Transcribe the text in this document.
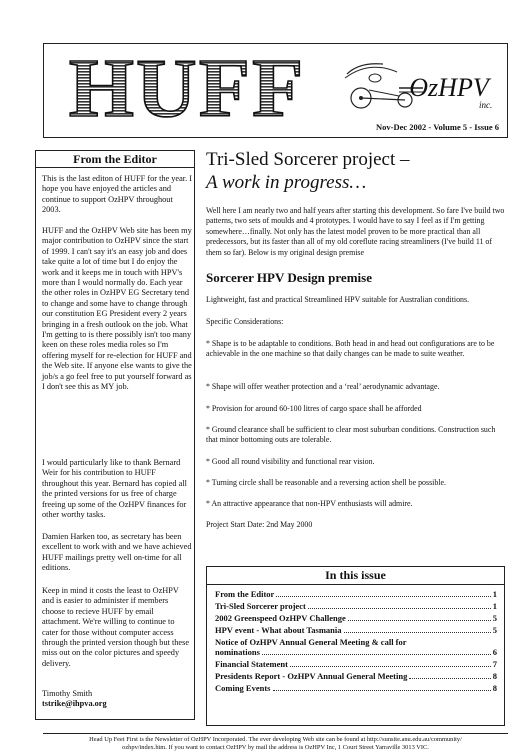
HUFF	OzHPV
inc.
Nov-Dec 2002 - Volume 5 - Issue 6
From the Editor

This is the last editon of HUFF for the year. I hope you have enjoyed the articles and continue to support OzHPV throughout 2003.

HUFF and the OzHPV Web site has been my major contribution to OzHPV since the start of 1999. I can't say it's an easy job and does take quite a lot of time but I do enjoy the work and it keeps me in touch with HPV's more than I would normally do. Each year the other roles in OzHPV EG Secretary tend to change and some have to change through our constitution EG President every 2 years bringing in a fresh outlook on the job. What I'm getting to is there possibly isn't too many keen on these roles media roles so I'm offering myself for re-election for HUFF and the Web site. If anyone else wants to give the job/s a go feel free to put yourself forward as I don't see this as MY job.

I would particularly like to thank Bernard Weir for his contribution to HUFF throughout this year. Bernard has copied all the printed versions for us free of charge freeing up some of the OzHPV finances for other worthy tasks.

Damien Harken too, as secretary has been excellent to work with and we have achieved HUFF mailings pretty well on-time for all editions.

Keep in mind it costs the least to OzHPV and is easier to administer if members choose to recieve HUFF by email attachment. We're willing to continue to cater for those without computer access through the printed version though but these miss out on the color pictures and speedy delivery.

Timothy Smith

tstrike@ihpva.org

Tri-Sled Sorcerer project –
A work in progress…

Well here I am nearly two and half years after starting this development. So fare I've build two patterns, two sets of moulds and 4 prototypes. I would have to say I feel as if I'm getting somewhere…finally. Not only has the latest model proven to be more practical than all predecessors, but its faster than all of my old coreflute racing streamliners (I've build 11 of them so far). Below is my original design premise

Sorcerer HPV Design premise

Lightweight, fast and practical Streamlined HPV suitable for Australian conditions.

Specific Considerations:

* Shape is to be adaptable to conditions. Both head in and head out configurations are to be achievable in the one machine so that daily changes can be made to suite weather.

* Shape will offer weather protection and a ‘real’ aerodynamic advantage.

* Provision for around 60-100 litres of cargo space shall be afforded

* Ground clearance shall be sufficient to clear most suburban conditions. Construction such that minor bottoming outs are tolerable.

* Good all round visibility and functional rear vision.

* Turning circle shall be reasonable and a reversing action shell be possible.

* An attractive appearance that non-HPV enthusiasts will admire.

Project Start Date: 2nd May 2000

In this issue
From the Editor	1
Tri-Sled Sorcerer project	1
2002 Greenspeed OzHPV Challenge	5
HPV event - What about Tasmania	5
Notice of OzHPV Annual General Meeting & call for
nominations	6
Financial Statement	7
Presidents Report - OzHPV Annual General Meeting	8
Coming Events	8
Head Up Feet First is the Newsletter of OzHPV Incorporated. The ever developing Web site can be found at http://sunsite.anu.edu.au/community/
ozhpv/index.htm. If you want to contact OzHPV by mail the address is OzHPV Inc, 1 Court Street Yarraville 3013 VIC.
